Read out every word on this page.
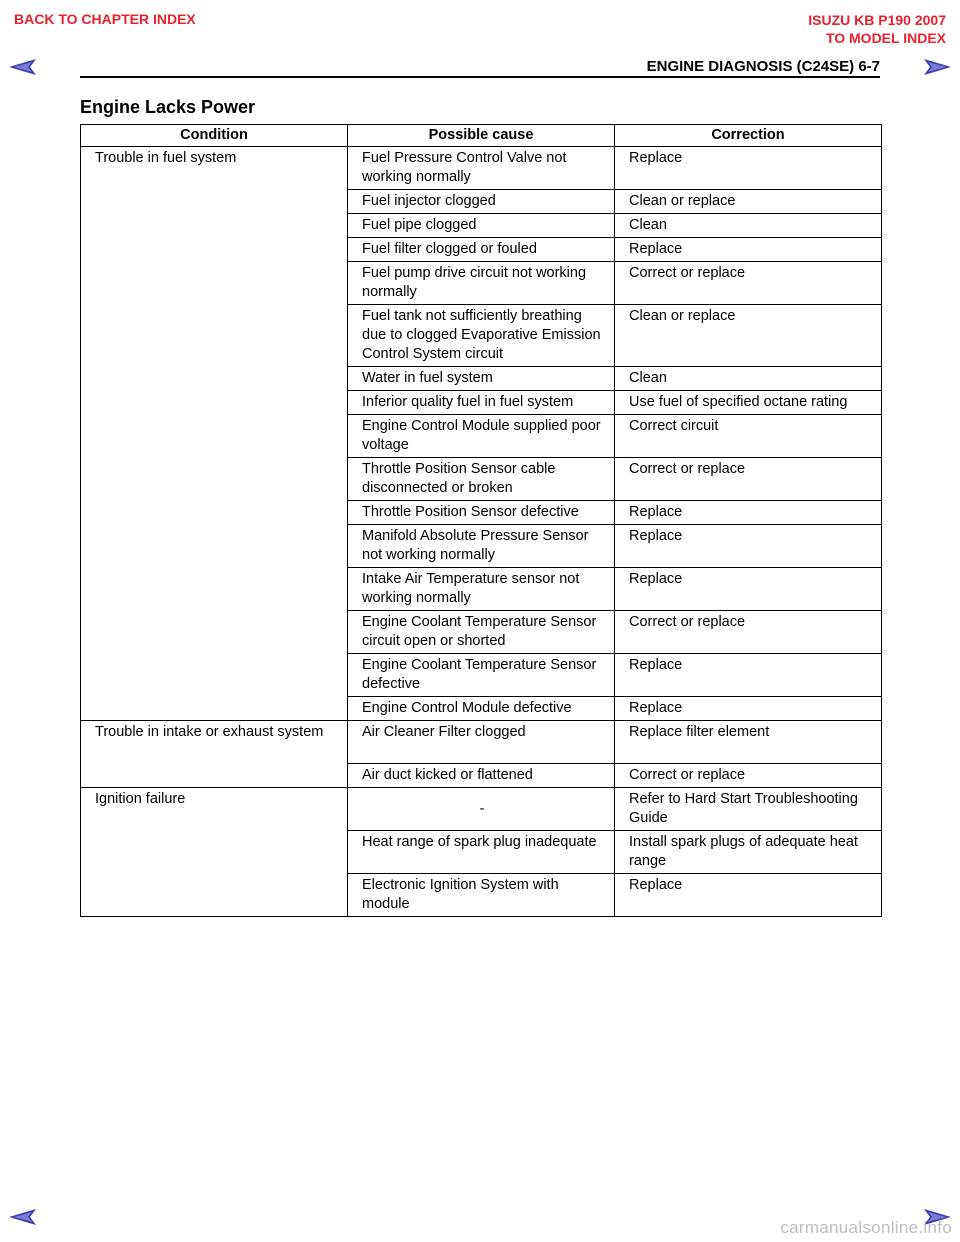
BACK TO CHAPTER INDEX	ISUZU KB P190 2007
TO MODEL INDEX
ENGINE DIAGNOSIS (C24SE) 6-7
Engine Lacks Power
Condition	Possible cause	Correction
Trouble in fuel system	Fuel Pressure Control Valve not working normally	Replace
	Fuel injector clogged	Clean or replace
	Fuel pipe clogged	Clean
	Fuel filter clogged or fouled	Replace
	Fuel pump drive circuit not working normally	Correct or replace
	Fuel tank not sufficiently breathing due to clogged Evaporative Emission Control System circuit	Clean or replace
	Water in fuel system	Clean
	Inferior quality fuel in fuel system	Use fuel of specified octane rating
	Engine Control Module supplied poor voltage	Correct circuit
	Throttle Position Sensor cable disconnected or broken	Correct or replace
	Throttle Position Sensor defective	Replace
	Manifold Absolute Pressure Sensor not working normally	Replace
	Intake Air Temperature sensor not working normally	Replace
	Engine Coolant Temperature Sensor circuit open or shorted	Correct or replace
	Engine Coolant Temperature Sensor defective	Replace
	Engine Control Module defective	Replace
Trouble in intake or exhaust system	Air Cleaner Filter clogged	Replace filter element
	Air duct kicked or flattened	Correct or replace
Ignition failure	-	Refer to Hard Start Troubleshooting Guide
	Heat range of spark plug inadequate	Install spark plugs of adequate heat range
	Electronic Ignition System with module	Replace
carmanualsonline.info
